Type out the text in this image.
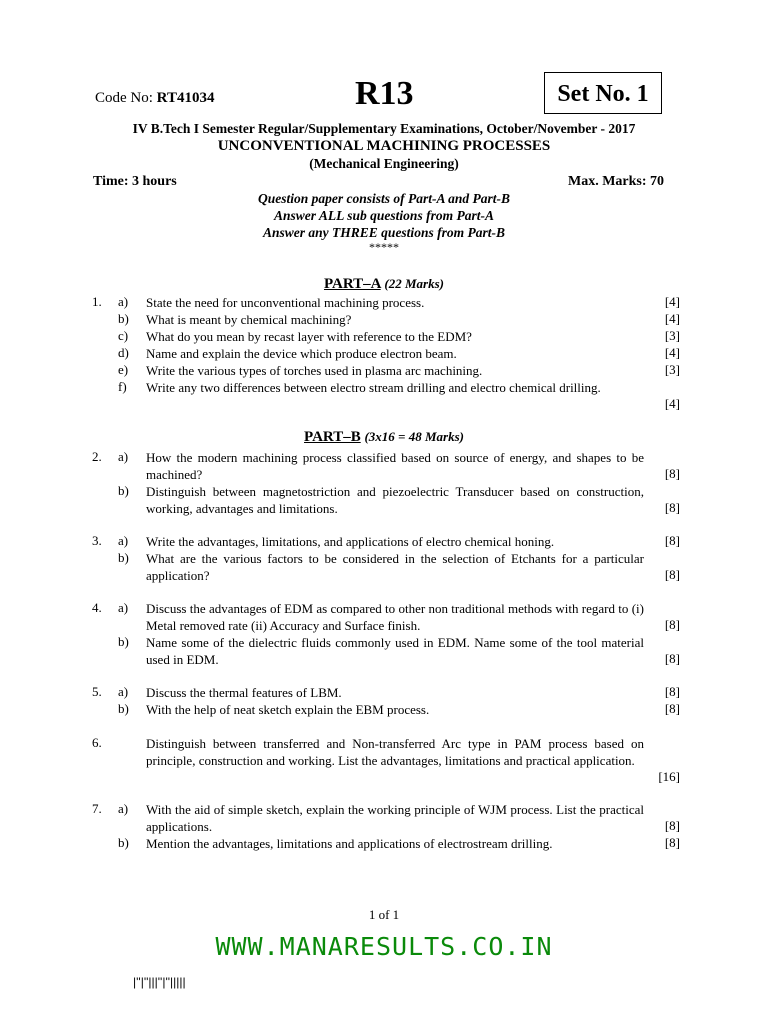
Code No: RT41034	R13	Set No. 1
IV B.Tech I Semester Regular/Supplementary Examinations, October/November - 2017
UNCONVENTIONAL MACHINING PROCESSES
(Mechanical Engineering)
Time: 3 hours	Max. Marks: 70
Question paper consists of Part-A and Part-B
Answer ALL sub questions from Part-A
Answer any THREE questions from Part-B
*****
PART–A (22 Marks)
1. a) State the need for unconventional machining process.	[4]
b) What is meant by chemical machining?	[4]
c) What do you mean by recast layer with reference to the EDM?	[3]
d) Name and explain the device which produce electron beam.	[4]
e) Write the various types of torches used in plasma arc machining.	[3]
f) Write any two differences between electro stream drilling and electro chemical drilling.
[4]
PART–B (3x16 = 48 Marks)
2. a) How the modern machining process classified based on source of energy, and shapes to be machined?	[8]
b) Distinguish between magnetostriction and piezoelectric Transducer based on construction, working, advantages and limitations.	[8]
3. a) Write the advantages, limitations, and applications of electro chemical honing.	[8]
b) What are the various factors to be considered in the selection of Etchants for a particular application?	[8]
4. a) Discuss the advantages of EDM as compared to other non traditional methods with regard to (i) Metal removed rate (ii) Accuracy and Surface finish.	[8]
b) Name some of the dielectric fluids commonly used in EDM. Name some of the tool material used in EDM.	[8]
5. a) Discuss the thermal features of LBM.	[8]
b) With the help of neat sketch explain the EBM process.	[8]
6.	Distinguish between transferred and Non-transferred Arc type in PAM process based on principle, construction and working. List the advantages, limitations and practical application.
[16]
7. a) With the aid of simple sketch, explain the working principle of WJM process. List the practical applications.	[8]
b) Mention the advantages, limitations and applications of electrostream drilling.	[8]
1 of 1
WWW.MANARESULTS.CO.IN
|''|''|||''|''|||||
